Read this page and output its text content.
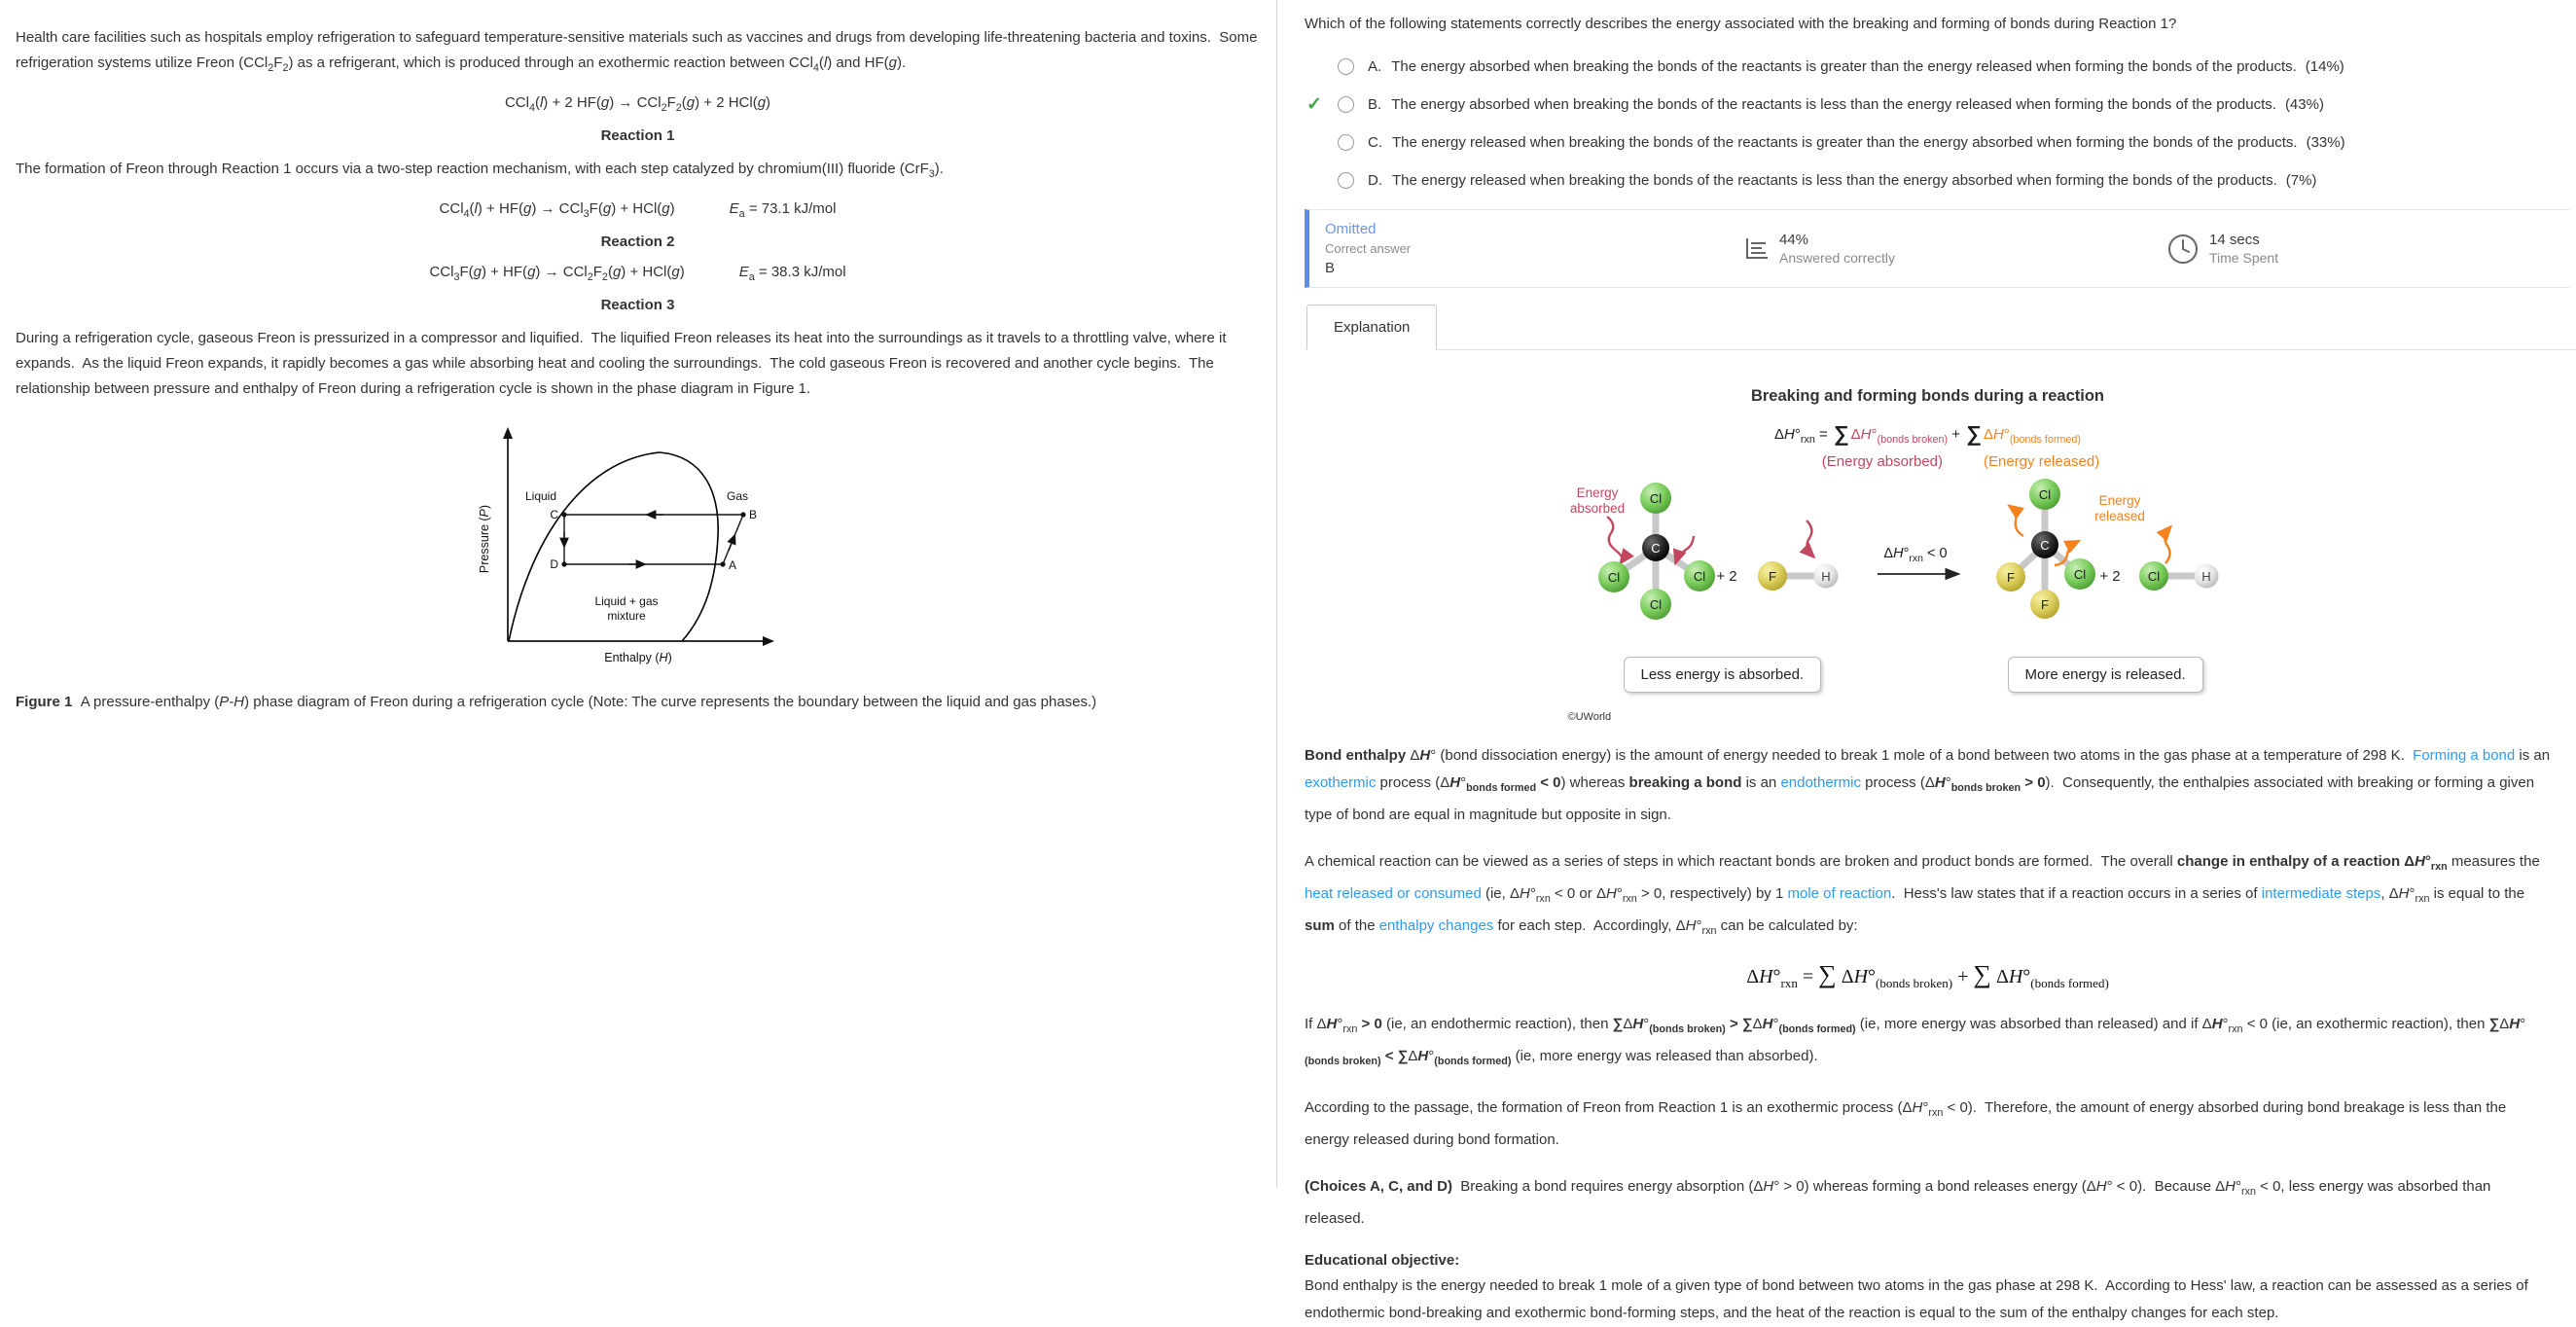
Health care facilities such as hospitals employ refrigeration to safeguard temperature-sensitive materials such as vaccines and drugs from developing life-threatening bacteria and toxins.  Some refrigeration systems utilize Freon $(CCl_2F_2)$ as a refrigerant, which is produced through an exothermic reaction between CCl$_4$(l) and HF(g).

CCl$_4$(l) + 2 $HF(g) \to CCl_2F_2(g) + 2$ HCl(g)
Reaction 1

The formation of Freon through Reaction 1 occurs via a two-step reaction mechanism, with each step catalyzed by chromium(III) fluoride (CrF$_3$).

CCl$_4$(l) + HF(g) → CCl$_3$F(g) + HCl(g)	$E_a = 73.1$ kJ/mol
Reaction 2
$CCl_3F(g) + HF(g) \to CCl_2F_2(g) + HCl(g)$	$E_a = 38.3$ kJ/mol
Reaction 3

During a refrigeration cycle, gaseous Freon is pressurized in a compressor and liquified.  The liquified Freon releases its heat into the surroundings as it travels to a throttling valve, where it expands.  As the liquid Freon expands, it rapidly becomes a gas while absorbing heat and cooling the surroundings.  The cold gaseous Freon is recovered and another cycle begins.  The relationship between pressure and enthalpy of Freon during a refrigeration cycle is shown in the phase diagram in Figure 1.

C	B
D	A
Liquid	Gas
Liquid + gas
mixture
Pressure (P)
Enthalpy (H)

Figure 1  A pressure-enthalpy (P-H) phase diagram of Freon during a refrigeration cycle (Note: The curve represents the boundary between the liquid and gas phases.)

Which of the following statements correctly describes the energy associated with the breaking and forming of bonds during Reaction 1?
A. The energy absorbed when breaking the bonds of the reactants is greater than the energy released when forming the bonds of the products. (14%)
✓	B. The energy absorbed when breaking the bonds of the reactants is less than the energy released when forming the bonds of the products. (43%)
C. The energy released when breaking the bonds of the reactants is greater than the energy absorbed when forming the bonds of the products. (33%)
D. The energy released when breaking the bonds of the reactants is less than the energy absorbed when forming the bonds of the products. (7%)
Omitted
Correct answer
B
44%
Answered correctly
14 secs
Time Spent
Explanation
Breaking and forming bonds during a reaction
$\Delta H^\circ_{rxn}$ = ∑ $\Delta H^\circ_{(bonds broken)}$ + ∑ $\Delta H^\circ_{(bonds formed)}$
(Energy absorbed)	(Energy released)
Cl
Cl	Cl
Cl
C
Energy
absorbed
+ 2 F	H
$\Delta H^\circ_{rxn} < 0$
Cl
F	Cl
F
C
Energy
released
+ 2 Cl	H
Less energy is absorbed.	More energy is released.
©UWorld

Bond enthalpy ΔH° (bond dissociation energy) is the amount of energy needed to break 1 mole of a bond between two atoms in the gas phase at a temperature of 298 K.  Forming a bond is an exothermic process $(\Delta H^\circ_{bonds formed} < 0)$ whereas breaking a bond is an endothermic process $(\Delta H^\circ_{bonds broken} > 0)$.  Consequently, the enthalpies associated with breaking or forming a given type of bond are equal in magnitude but opposite in sign.

A chemical reaction can be viewed as a series of steps in which reactant bonds are broken and product bonds are formed.  The overall change in enthalpy of a reaction $\Delta H^\circ_{rxn}$ measures the heat released or consumed (ie, $\Delta H^\circ_{rxn} < 0$ or $\Delta H^\circ_{rxn} > 0$, respectively) by 1 mole of reaction.  Hess's law states that if a reaction occurs in a series of intermediate steps, $\Delta H^\circ_{rxn}$ is equal to the sum of the enthalpy changes for each step.  Accordingly, $\Delta H^\circ_{rxn}$ can be calculated by:

$\Delta H^\circ_{rxn}$ = ∑ $\Delta H^\circ_{(bonds broken)}$ + ∑ $\Delta H^\circ_{(bonds formed)}$

If $\Delta H^\circ_{rxn} > 0$ (ie, an endothermic reaction), then $\sum\Delta H^\circ_{(bonds broken)} > \sum\Delta H^\circ_{(bonds formed)}$ (ie, more energy was absorbed than released) and if $\Delta H^\circ_{rxn} < 0$ (ie, an exothermic reaction), then $\sum\Delta H^\circ_{(bonds broken)} < \sum\Delta H^\circ_{(bonds formed)}$ (ie, more energy was released than absorbed).

According to the passage, the formation of Freon from Reaction 1 is an exothermic process $(\Delta H^\circ_{rxn} < 0)$.  Therefore, the amount of energy absorbed during bond breakage is less than the energy released during bond formation.

(Choices A, C, and D)  Breaking a bond requires energy absorption (ΔH° > 0) whereas forming a bond releases energy (ΔH° < 0).  Because $\Delta H^\circ_{rxn} < 0$, less energy was absorbed than released.

Educational objective:

Bond enthalpy is the energy needed to break 1 mole of a given type of bond between two atoms in the gas phase at 298 K.  According to Hess' law, a reaction can be assessed as a series of endothermic bond-breaking and exothermic bond-forming steps, and the heat of the reaction is equal to the sum of the enthalpy changes for each step.
